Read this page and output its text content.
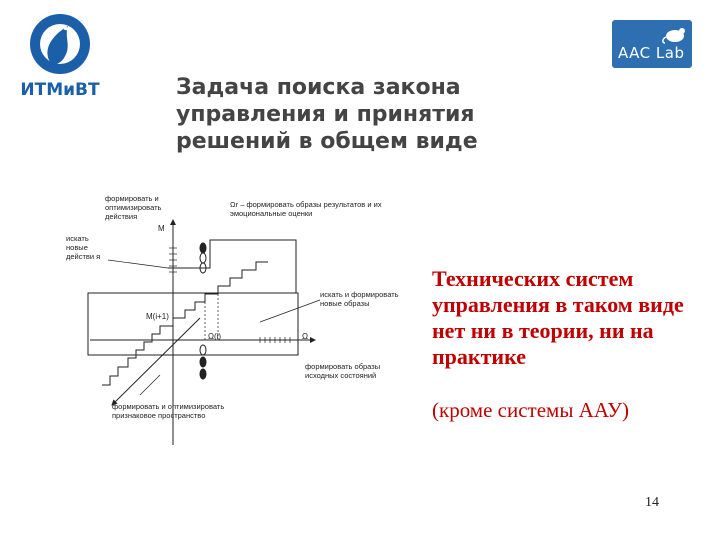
ИТМиВТ
AAC Lab
Задача поиска закона управления и принятия решений в общем виде
формировать и оптимизировать действия
Ωr – формировать образы результатов и их эмоциональные оценки
M
искать новые действи я
искать и формировать новые образы
M(i+1)
Ω(i)	Ω
формировать образы исходных состояний
формировать и оптимизировать признаковое пространство
Технических систем управления в таком виде нет ни в теории, ни на практике
(кроме системы ААУ)
14
